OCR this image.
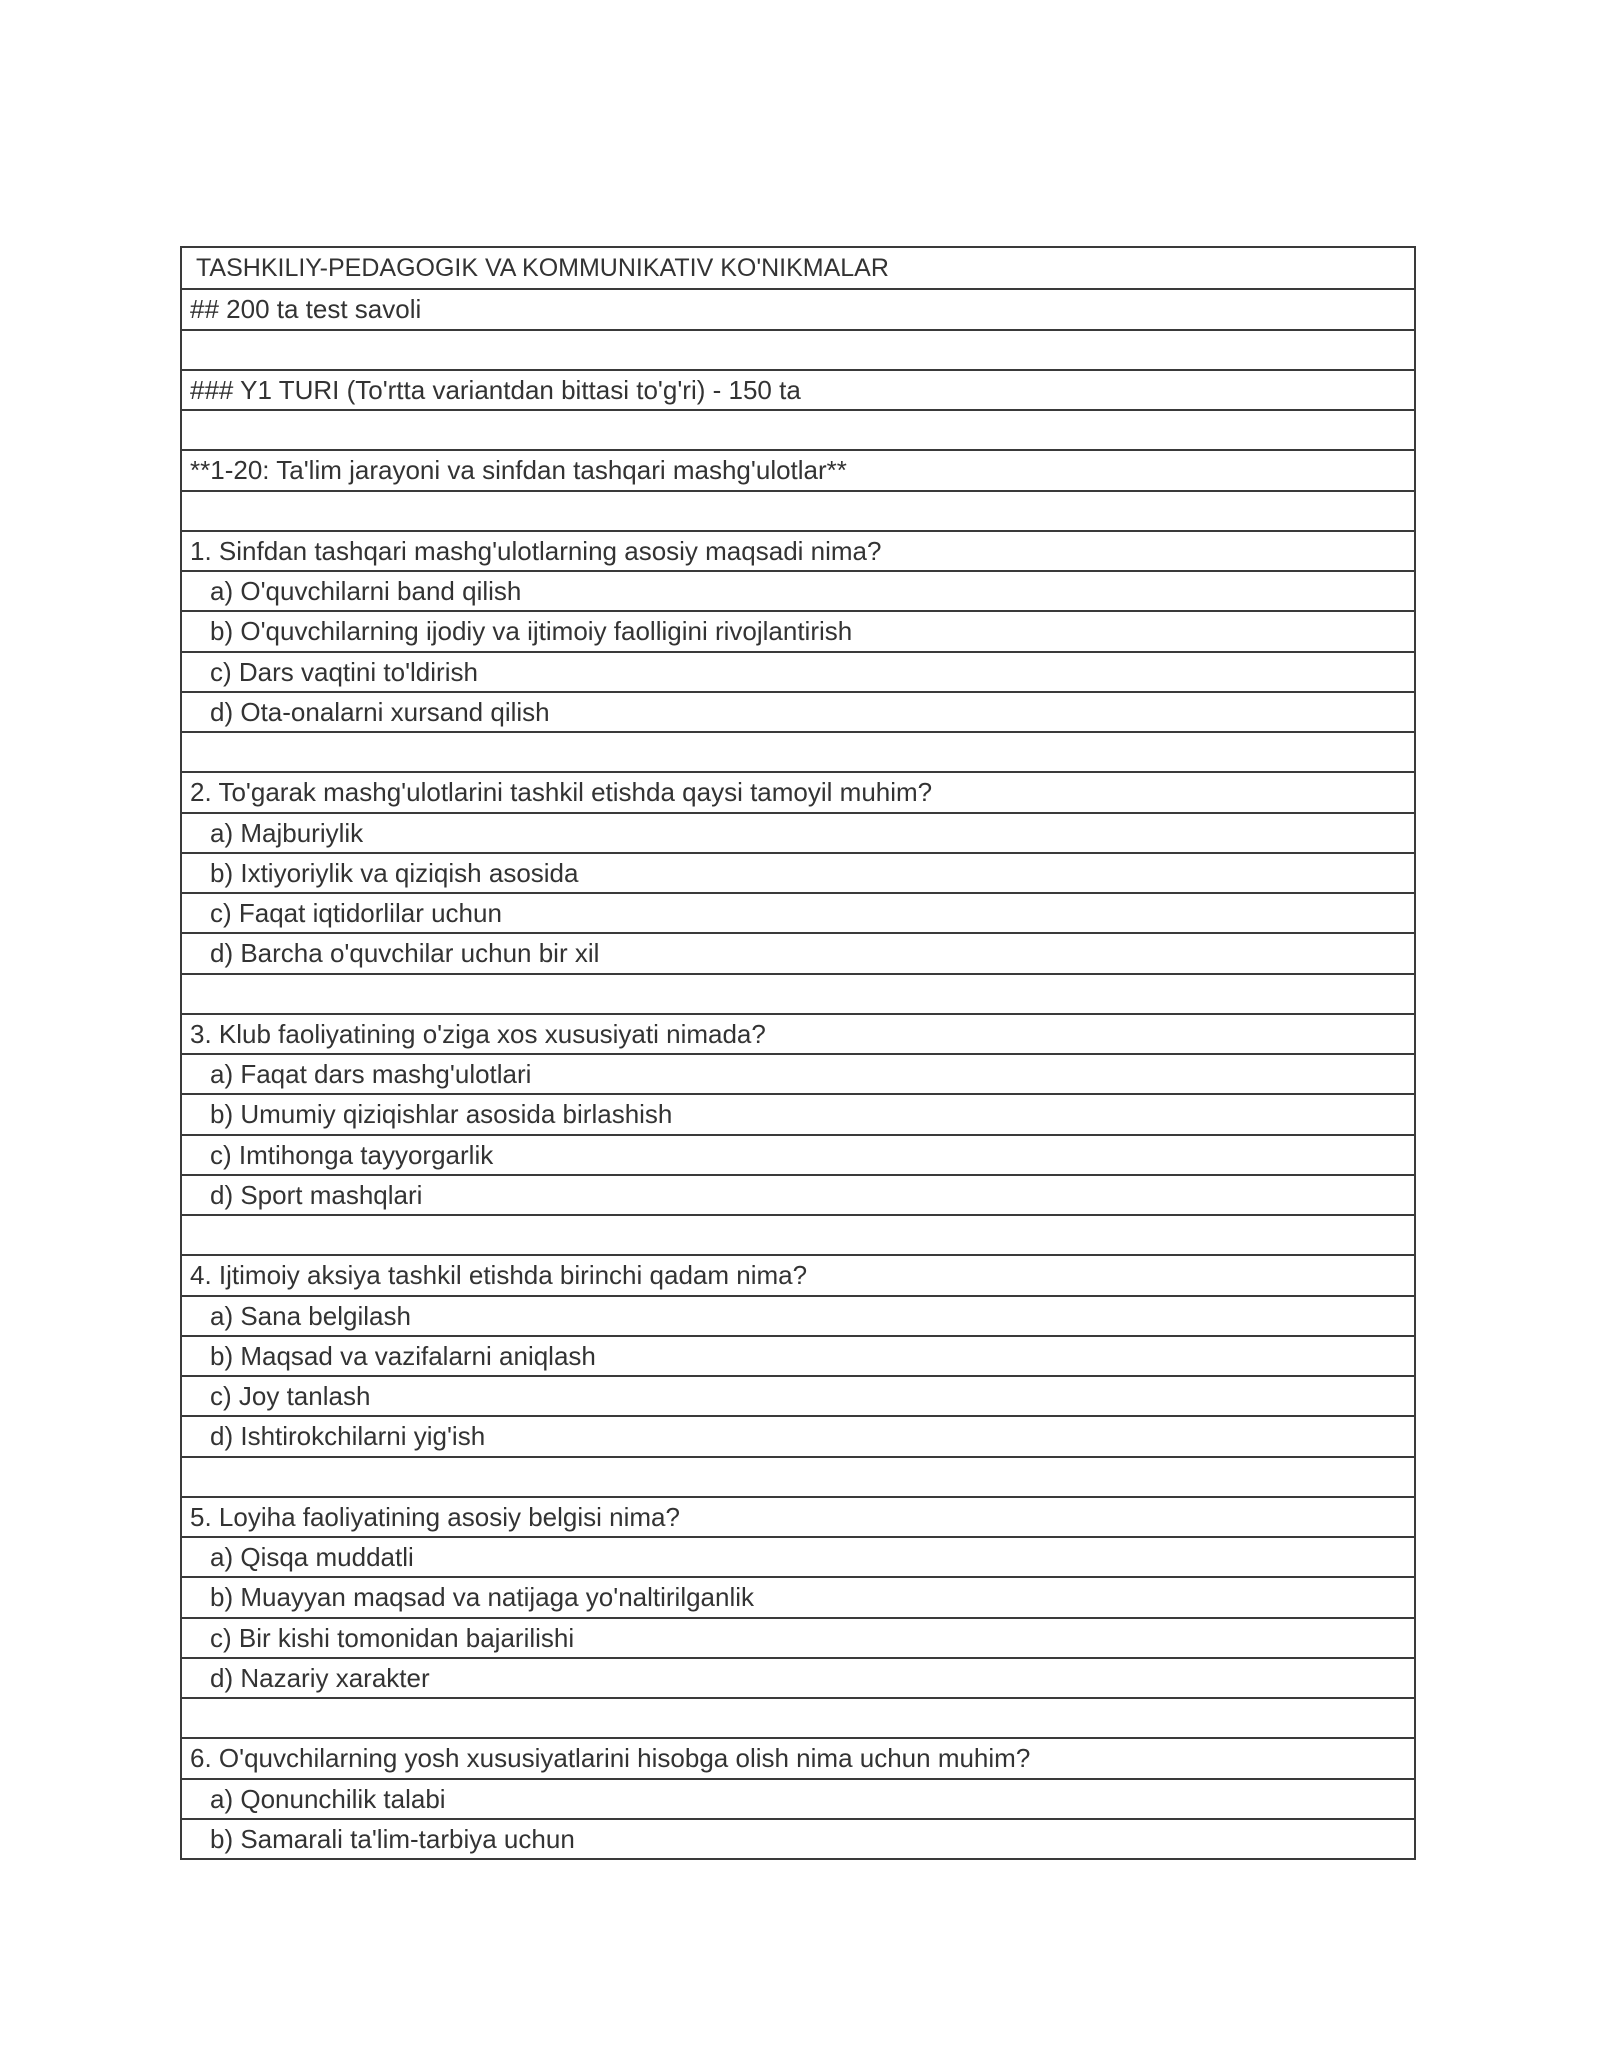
TASHKILIY-PEDAGOGIK VA KOMMUNIKATIV KO'NIKMALAR
## 200 ta test savoli
### Y1 TURI (To'rtta variantdan bittasi to'g'ri) - 150 ta
**1-20: Ta'lim jarayoni va sinfdan tashqari mashg'ulotlar**
1. Sinfdan tashqari mashg'ulotlarning asosiy maqsadi nima?
a) O'quvchilarni band qilish
b) O'quvchilarning ijodiy va ijtimoiy faolligini rivojlantirish
c) Dars vaqtini to'ldirish
d) Ota-onalarni xursand qilish
2. To'garak mashg'ulotlarini tashkil etishda qaysi tamoyil muhim?
a) Majburiylik
b) Ixtiyoriylik va qiziqish asosida
c) Faqat iqtidorlilar uchun
d) Barcha o'quvchilar uchun bir xil
3. Klub faoliyatining o'ziga xos xususiyati nimada?
a) Faqat dars mashg'ulotlari
b) Umumiy qiziqishlar asosida birlashish
c) Imtihonga tayyorgarlik
d) Sport mashqlari
4. Ijtimoiy aksiya tashkil etishda birinchi qadam nima?
a) Sana belgilash
b) Maqsad va vazifalarni aniqlash
c) Joy tanlash
d) Ishtirokchilarni yig'ish
5. Loyiha faoliyatining asosiy belgisi nima?
a) Qisqa muddatli
b) Muayyan maqsad va natijaga yo'naltirilganlik
c) Bir kishi tomonidan bajarilishi
d) Nazariy xarakter
6. O'quvchilarning yosh xususiyatlarini hisobga olish nima uchun muhim?
a) Qonunchilik talabi
b) Samarali ta'lim-tarbiya uchun
